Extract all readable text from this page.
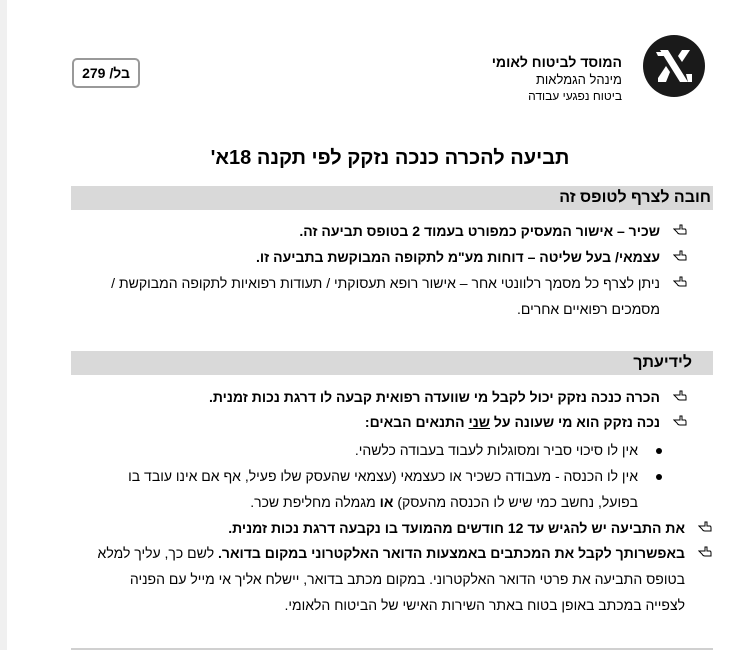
המוסד לביטוח לאומי
מינהל הגמלאות
ביטוח נפגעי עבודה
בל/ 279
תביעה להכרה כנכה נזקק לפי תקנה 18א'
חובה לצרף לטופס זה
שכיר – אישור המעסיק כמפורט בעמוד 2 בטופס תביעה זה.
עצמאי/ בעל שליטה – דוחות מע"מ לתקופה המבוקשת בתביעה זו.
ניתן לצרף כל מסמך רלוונטי אחר – אישור רופא תעסוקתי / תעודות רפואיות לתקופה המבוקשת / מסמכים רפואיים אחרים.
לידיעתך
הכרה כנכה נזקק יכול לקבל מי שוועדה רפואית קבעה לו דרגת נכות זמנית.
נכה נזקק הוא מי שעונה על שני התנאים הבאים:
אין לו סיכוי סביר ומסוגלות לעבוד בעבודה כלשהי.
אין לו הכנסה - מעבודה כשכיר או כעצמאי (עצמאי שהעסק שלו פעיל, אף אם אינו עובד בו בפועל, נחשב כמי שיש לו הכנסה מהעסק) או מגמלה מחליפת שכר.
את התביעה יש להגיש עד 12 חודשים מהמועד בו נקבעה דרגת נכות זמנית.
באפשרותך לקבל את המכתבים באמצעות הדואר האלקטרוני במקום בדואר. לשם כך, עליך למלא בטופס התביעה את פרטי הדואר האלקטרוני. במקום מכתב בדואר, יישלח אליך אי מייל עם הפניה לצפייה במכתב באופן בטוח באתר השירות האישי של הביטוח הלאומי.
